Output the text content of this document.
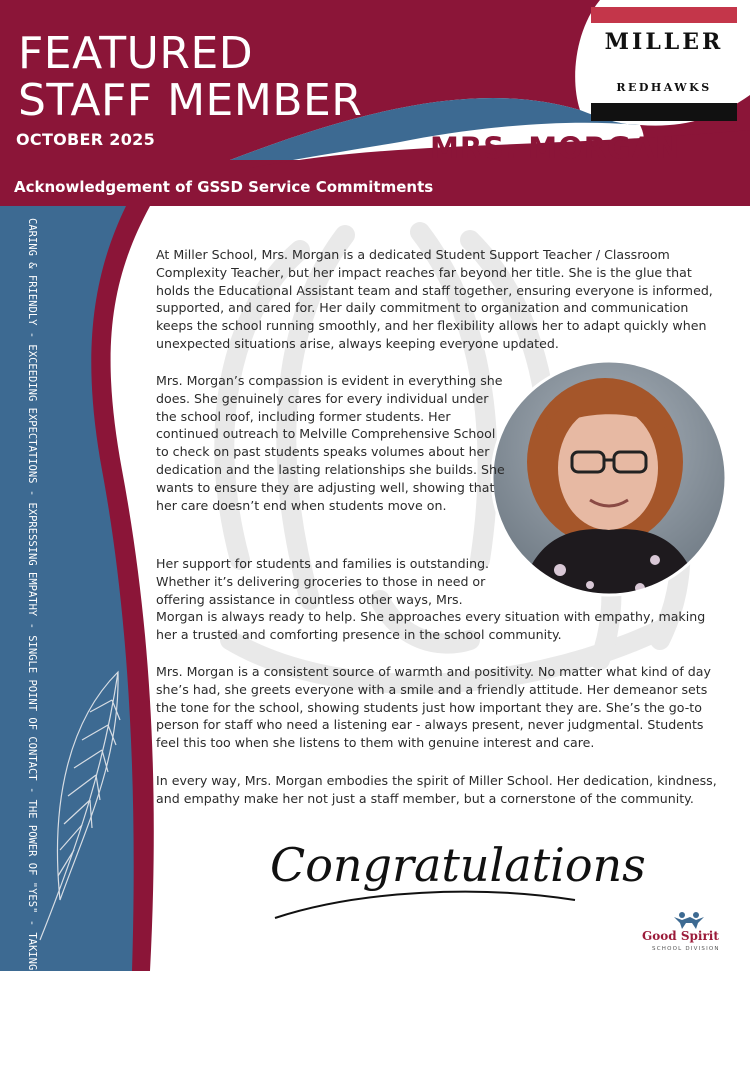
FEATURED
STAFF MEMBER
OCTOBER 2025	MRS. MORGAN
Acknowledgement of GSSD Service Commitments
MILLER
REDHAWKS
CARING & FRIENDLY - EXCEEDING EXPECTATIONS - EXPRESSING EMPATHY - SINGLE POINT OF CONTACT - THE POWER OF "YES" - TAKING TIME TO LISTEN	At Miller School, Mrs. Morgan is a dedicated Student Support Teacher / Classroom Complexity Teacher, but her impact reaches far beyond her title. She is the glue that holds the Educational Assistant team and staff together, ensuring everyone is informed, supported, and cared for. Her daily commitment to organization and communication keeps the school running smoothly, and her flexibility allows her to adapt quickly when unexpected situations arise, always keeping everyone updated.
Mrs. Morgan’s compassion is evident in everything she does. She genuinely cares for every individual under the school roof, including former students. Her continued outreach to Melville Comprehensive School to check on past students speaks volumes about her dedication and the lasting relationships she builds. She wants to ensure they are adjusting well, showing that her care doesn’t end when students move on.
Her support for students and families is outstanding. Whether it’s delivering groceries to those in need or offering assistance in countless other ways, Mrs.
Morgan is always ready to help. She approaches every situation with empathy, making her a trusted and comforting presence in the school community.
Mrs. Morgan is a consistent source of warmth and positivity. No matter what kind of day she’s had, she greets everyone with a smile and a friendly attitude. Her demeanor sets the tone for the school, showing students just how important they are. She’s the go-to person for staff who need a listening ear - always present, never judgmental. Students feel this too when she listens to them with genuine interest and care.
In every way, Mrs. Morgan embodies the spirit of Miller School. Her dedication, kindness, and empathy make her not just a staff member, but a cornerstone of the community.
Congratulations
Good Spirit
SCHOOL DIVISION
